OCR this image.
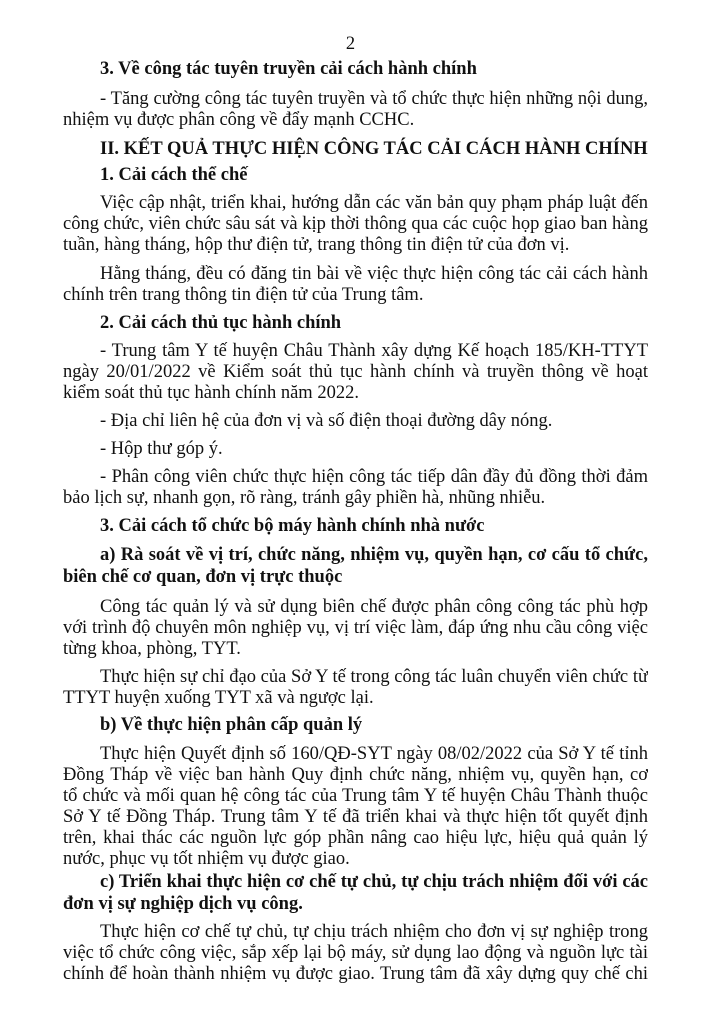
2
3. Về công tác tuyên truyền cải cách hành chính
- Tăng cường công tác tuyên truyền và tổ chức thực hiện những nội dung,
nhiệm vụ được phân công về đẩy mạnh CCHC.
II. KẾT QUẢ THỰC HIỆN CÔNG TÁC CẢI CÁCH HÀNH CHÍNH
1. Cải cách thể chế
Việc cập nhật, triển khai, hướng dẫn các văn bản quy phạm pháp luật đến
công chức, viên chức sâu sát và kịp thời thông qua các cuộc họp giao ban hàng
tuần, hàng tháng, hộp thư điện tử, trang thông tin điện tử của đơn vị.
Hằng tháng, đều có đăng tin bài về việc thực hiện công tác cải cách hành
chính trên trang thông tin điện tử của Trung tâm.
2. Cải cách thủ tục hành chính
- Trung tâm Y tế huyện Châu Thành xây dựng Kế hoạch 185/KH-TTYT
ngày 20/01/2022 về Kiểm soát thủ tục hành chính và truyền thông về hoạt
kiểm soát thủ tục hành chính năm 2022.
- Địa chỉ liên hệ của đơn vị và số điện thoại đường dây nóng.
- Hộp thư góp ý.
- Phân công viên chức thực hiện công tác tiếp dân đầy đủ đồng thời đảm
bảo lịch sự, nhanh gọn, rõ ràng, tránh gây phiền hà, nhũng nhiễu.
3. Cải cách tổ chức bộ máy hành chính nhà nước
a) Rà soát về vị trí, chức năng, nhiệm vụ, quyền hạn, cơ cấu tổ chức,
biên chế cơ quan, đơn vị trực thuộc
Công tác quản lý và sử dụng biên chế được phân công công tác phù hợp
với trình độ chuyên môn nghiệp vụ, vị trí việc làm, đáp ứng nhu cầu công việc
từng khoa, phòng, TYT.
Thực hiện sự chỉ đạo của Sở Y tế trong công tác luân chuyển viên chức từ
TTYT huyện xuống TYT xã và ngược lại.
b) Về thực hiện phân cấp quản lý
Thực hiện Quyết định số 160/QĐ-SYT ngày 08/02/2022 của Sở Y tế tỉnh
Đồng Tháp về việc ban hành Quy định chức năng, nhiệm vụ, quyền hạn, cơ
tổ chức và mối quan hệ công tác của Trung tâm Y tế huyện Châu Thành thuộc
Sở Y tế Đồng Tháp. Trung tâm Y tế đã triển khai và thực hiện tốt quyết định
trên, khai thác các nguồn lực góp phần nâng cao hiệu lực, hiệu quả quản lý
nước, phục vụ tốt nhiệm vụ được giao.
c) Triển khai thực hiện cơ chế tự chủ, tự chịu trách nhiệm đối với các
đơn vị sự nghiệp dịch vụ công.
Thực hiện cơ chế tự chủ, tự chịu trách nhiệm cho đơn vị sự nghiệp trong
việc tổ chức công việc, sắp xếp lại bộ máy, sử dụng lao động và nguồn lực tài
chính để hoàn thành nhiệm vụ được giao. Trung tâm đã xây dựng quy chế chi
